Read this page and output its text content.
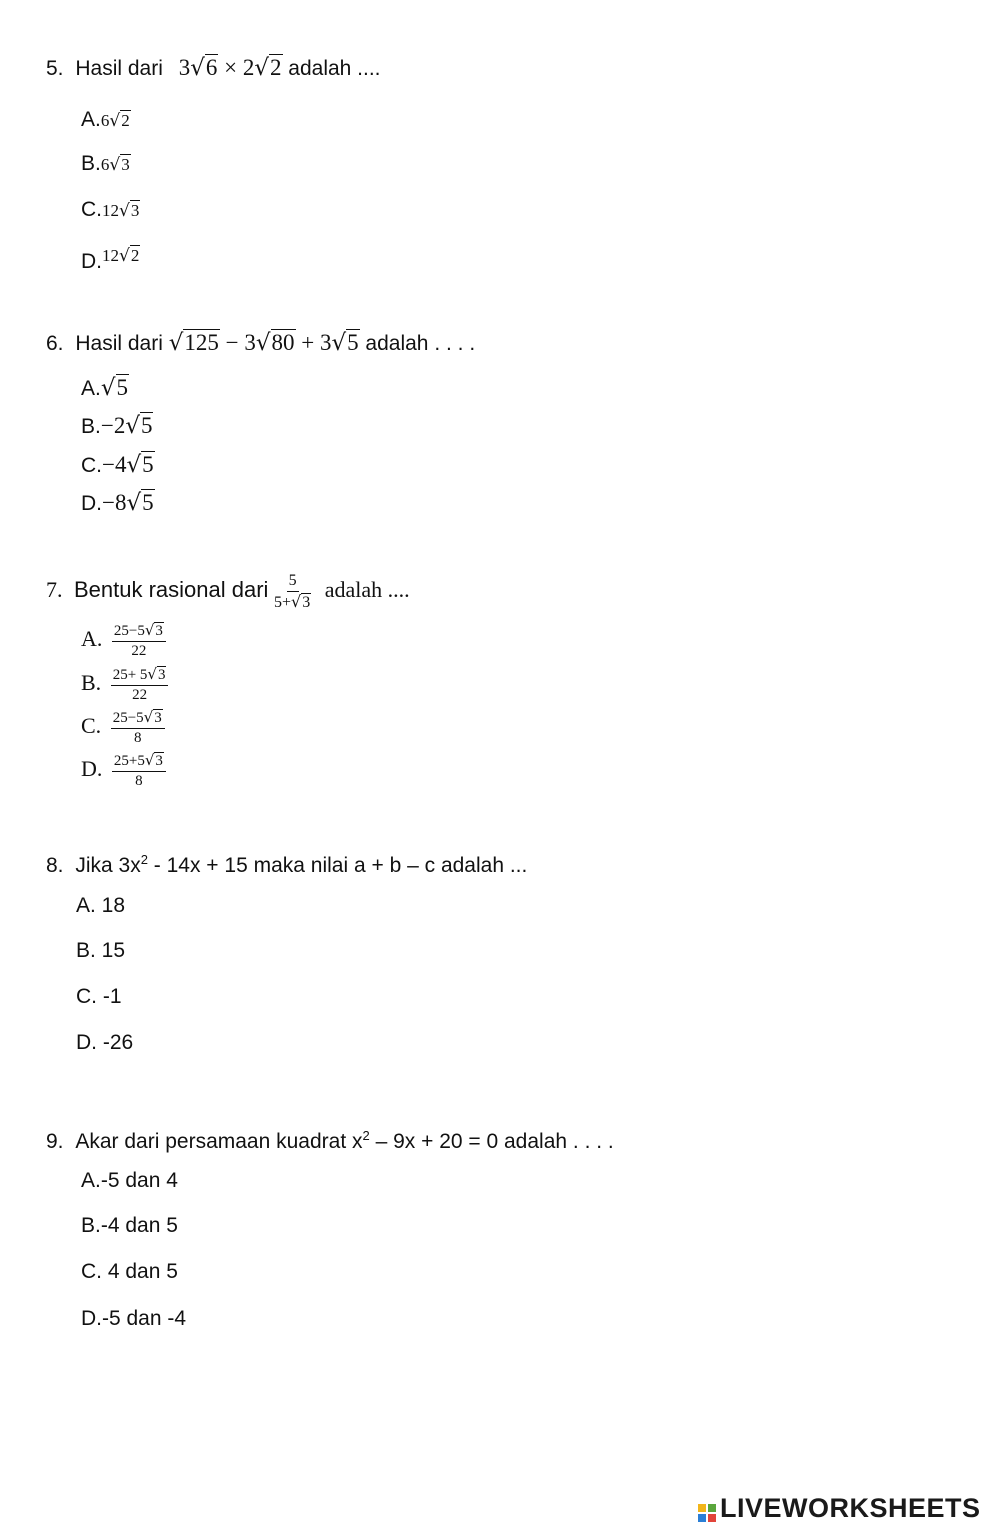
5. Hasil dari 3√6 × 2√2 adalah ....
A.6√2
B.6√3
C.12√3
D.$^{12√2}$
6. Hasil dari √125 − 3√80 + 3√5 adalah . . . .
A.√5
B.−2√5
C.−4√5
D.−8√5
7. Bentuk rasional dari $\frac{5}{5+√3}$ adalah ....
A. $\frac{25-5√3}{22}$
B. $\frac{25+ 5√3}{22}$
C. $\frac{25-5√3}{8}$
D. $\frac{25+5√3}{8}$
8. Jika $3x^2 - 14x + 15$ maka nilai a + b – c adalah ...
A. 18
B. 15
C. -1
D. -26
9. Akar dari persamaan kuadrat $x^2 - 9x + 20 = 0$ adalah . . . .
A.-5 dan 4
B.-4 dan 5
C. 4 dan 5
D.-5 dan -4
LIVEWORKSHEETS
